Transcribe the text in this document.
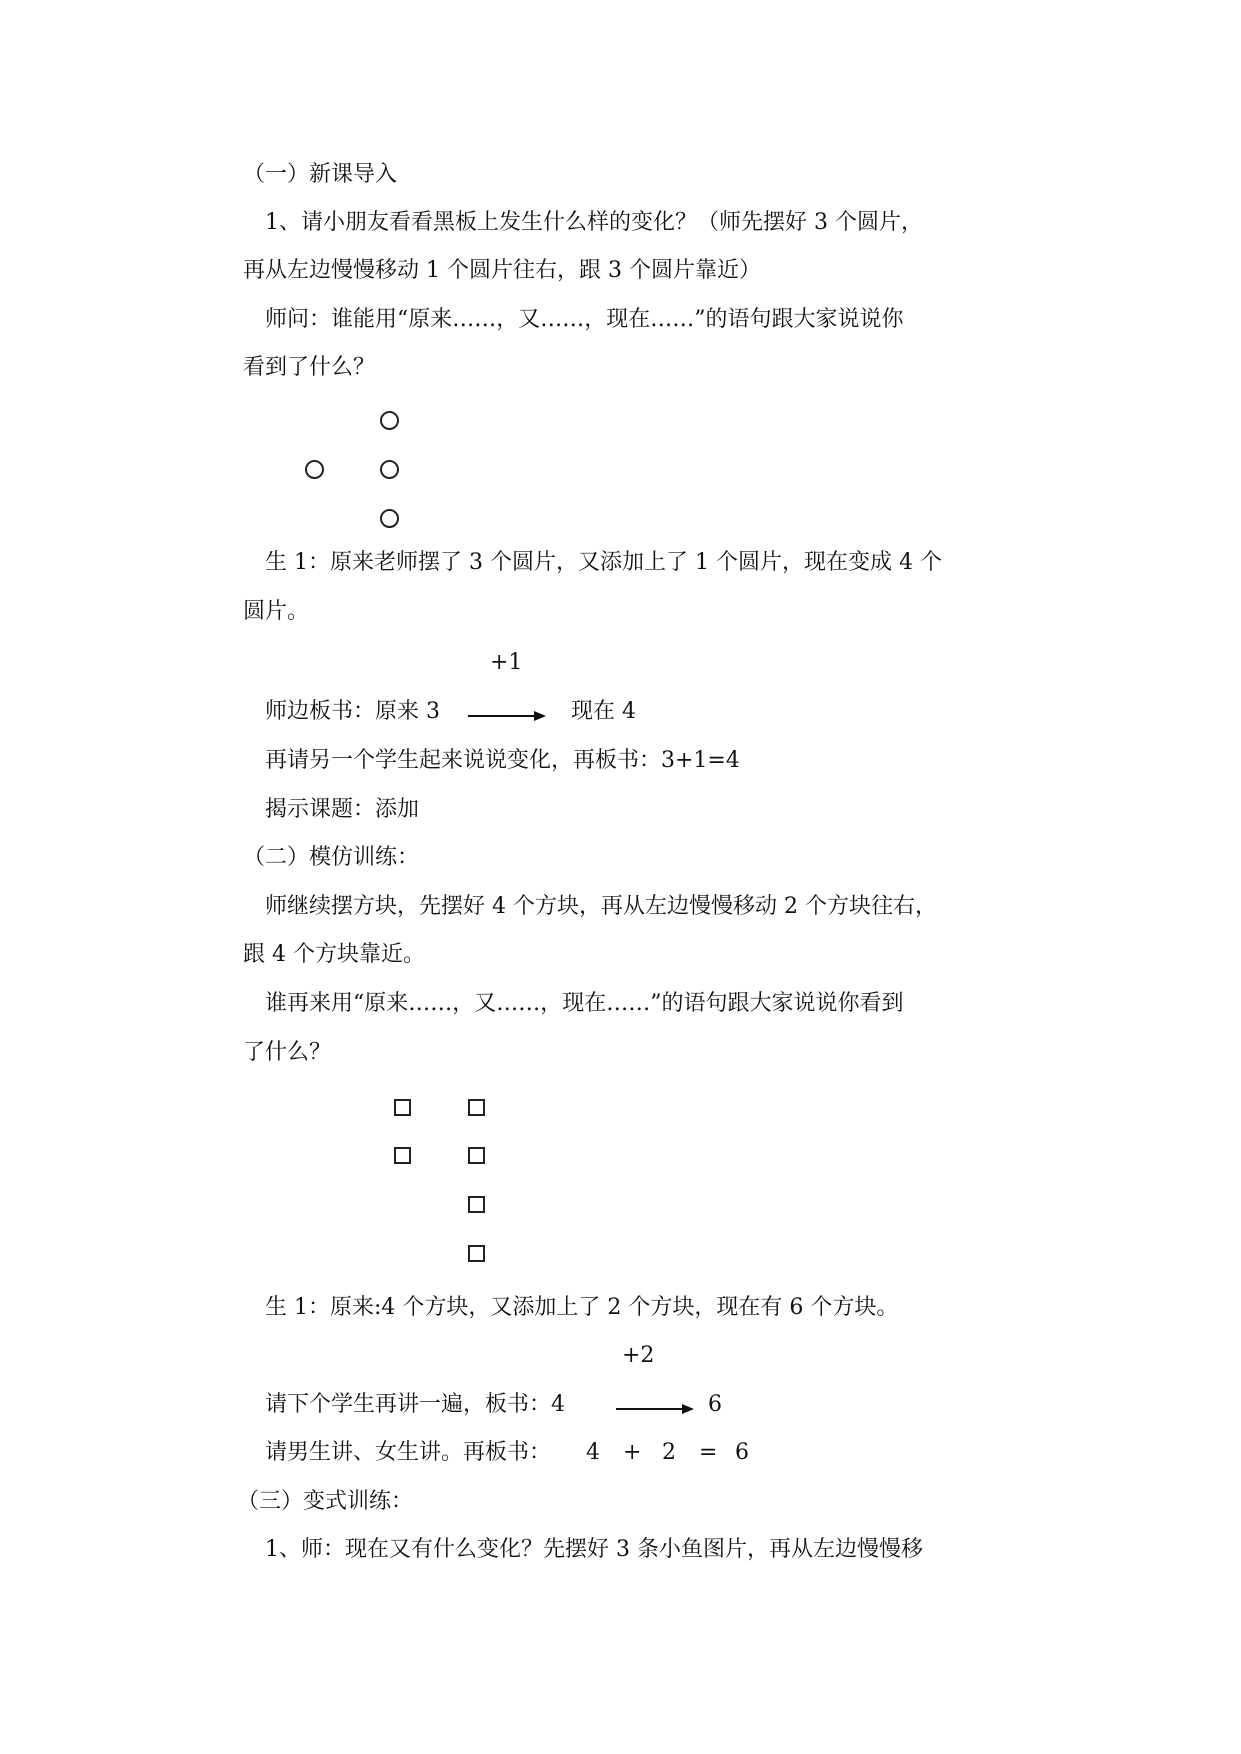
（一）新课导入
1、请小朋友看看黑板上发生什么样的变化？（师先摆好 3 个圆片，
再从左边慢慢移动 1 个圆片往右，跟 3 个圆片靠近）
师问：谁能用“原来……，又……，现在……”的语句跟大家说说你
看到了什么？
生 1：原来老师摆了 3 个圆片，又添加上了 1 个圆片，现在变成 4 个
圆片。
+1
师边板书：原来 3	现在 4
再请另一个学生起来说说变化，再板书：3+1=4
揭示课题：添加
（二）模仿训练：
师继续摆方块，先摆好 4 个方块，再从左边慢慢移动 2 个方块往右，
跟 4 个方块靠近。
谁再来用“原来……，又……，现在……”的语句跟大家说说你看到
了什么？
生 1：原来:4 个方块，又添加上了 2 个方块，现在有 6 个方块。
+2
请下个学生再讲一遍，板书：4	6
请男生讲、女生讲。再板书： 4 + 2 = 6
（三）变式训练：
1、师：现在又有什么变化？先摆好 3 条小鱼图片，再从左边慢慢移
